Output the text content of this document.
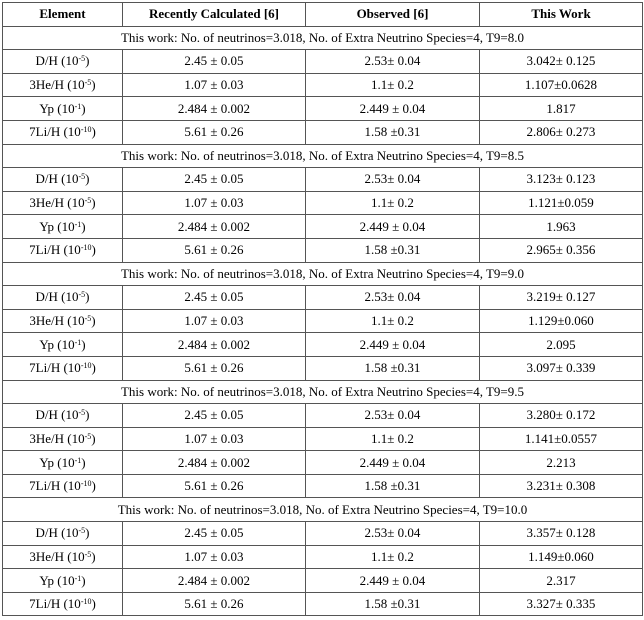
Element	Recently Calculated [6]	Observed [6]	This Work
This work: No. of neutrinos=3.018, No. of Extra Neutrino Species=4, T9=8.0			
D/H $(10^{-5})$	2.45 ± 0.05	2.53± 0.04	3.042± 0.125
3He/H $(10^{-5})$	1.07 ± 0.03	1.1± 0.2	1.107±0.0628
Yp $(10^{-1})$	2.484 ± 0.002	2.449 ± 0.04	1.817
7Li/H $(10^{-10})$	5.61 ± 0.26	1.58 ±0.31	2.806± 0.273
This work: No. of neutrinos=3.018, No. of Extra Neutrino Species=4, T9=8.5			
D/H $(10^{-5})$	2.45 ± 0.05	2.53± 0.04	3.123± 0.123
3He/H $(10^{-5})$	1.07 ± 0.03	1.1± 0.2	1.121±0.059
Yp $(10^{-1})$	2.484 ± 0.002	2.449 ± 0.04	1.963
7Li/H $(10^{-10})$	5.61 ± 0.26	1.58 ±0.31	2.965± 0.356
This work: No. of neutrinos=3.018, No. of Extra Neutrino Species=4, T9=9.0			
D/H $(10^{-5})$	2.45 ± 0.05	2.53± 0.04	3.219± 0.127
3He/H $(10^{-5})$	1.07 ± 0.03	1.1± 0.2	1.129±0.060
Yp $(10^{-1})$	2.484 ± 0.002	2.449 ± 0.04	2.095
7Li/H $(10^{-10})$	5.61 ± 0.26	1.58 ±0.31	3.097± 0.339
This work: No. of neutrinos=3.018, No. of Extra Neutrino Species=4, T9=9.5			
D/H $(10^{-5})$	2.45 ± 0.05	2.53± 0.04	3.280± 0.172
3He/H $(10^{-5})$	1.07 ± 0.03	1.1± 0.2	1.141±0.0557
Yp $(10^{-1})$	2.484 ± 0.002	2.449 ± 0.04	2.213
7Li/H $(10^{-10})$	5.61 ± 0.26	1.58 ±0.31	3.231± 0.308
This work: No. of neutrinos=3.018, No. of Extra Neutrino Species=4, T9=10.0			
D/H $(10^{-5})$	2.45 ± 0.05	2.53± 0.04	3.357± 0.128
3He/H $(10^{-5})$	1.07 ± 0.03	1.1± 0.2	1.149±0.060
Yp $(10^{-1})$	2.484 ± 0.002	2.449 ± 0.04	2.317
7Li/H $(10^{-10})$	5.61 ± 0.26	1.58 ±0.31	3.327± 0.335
